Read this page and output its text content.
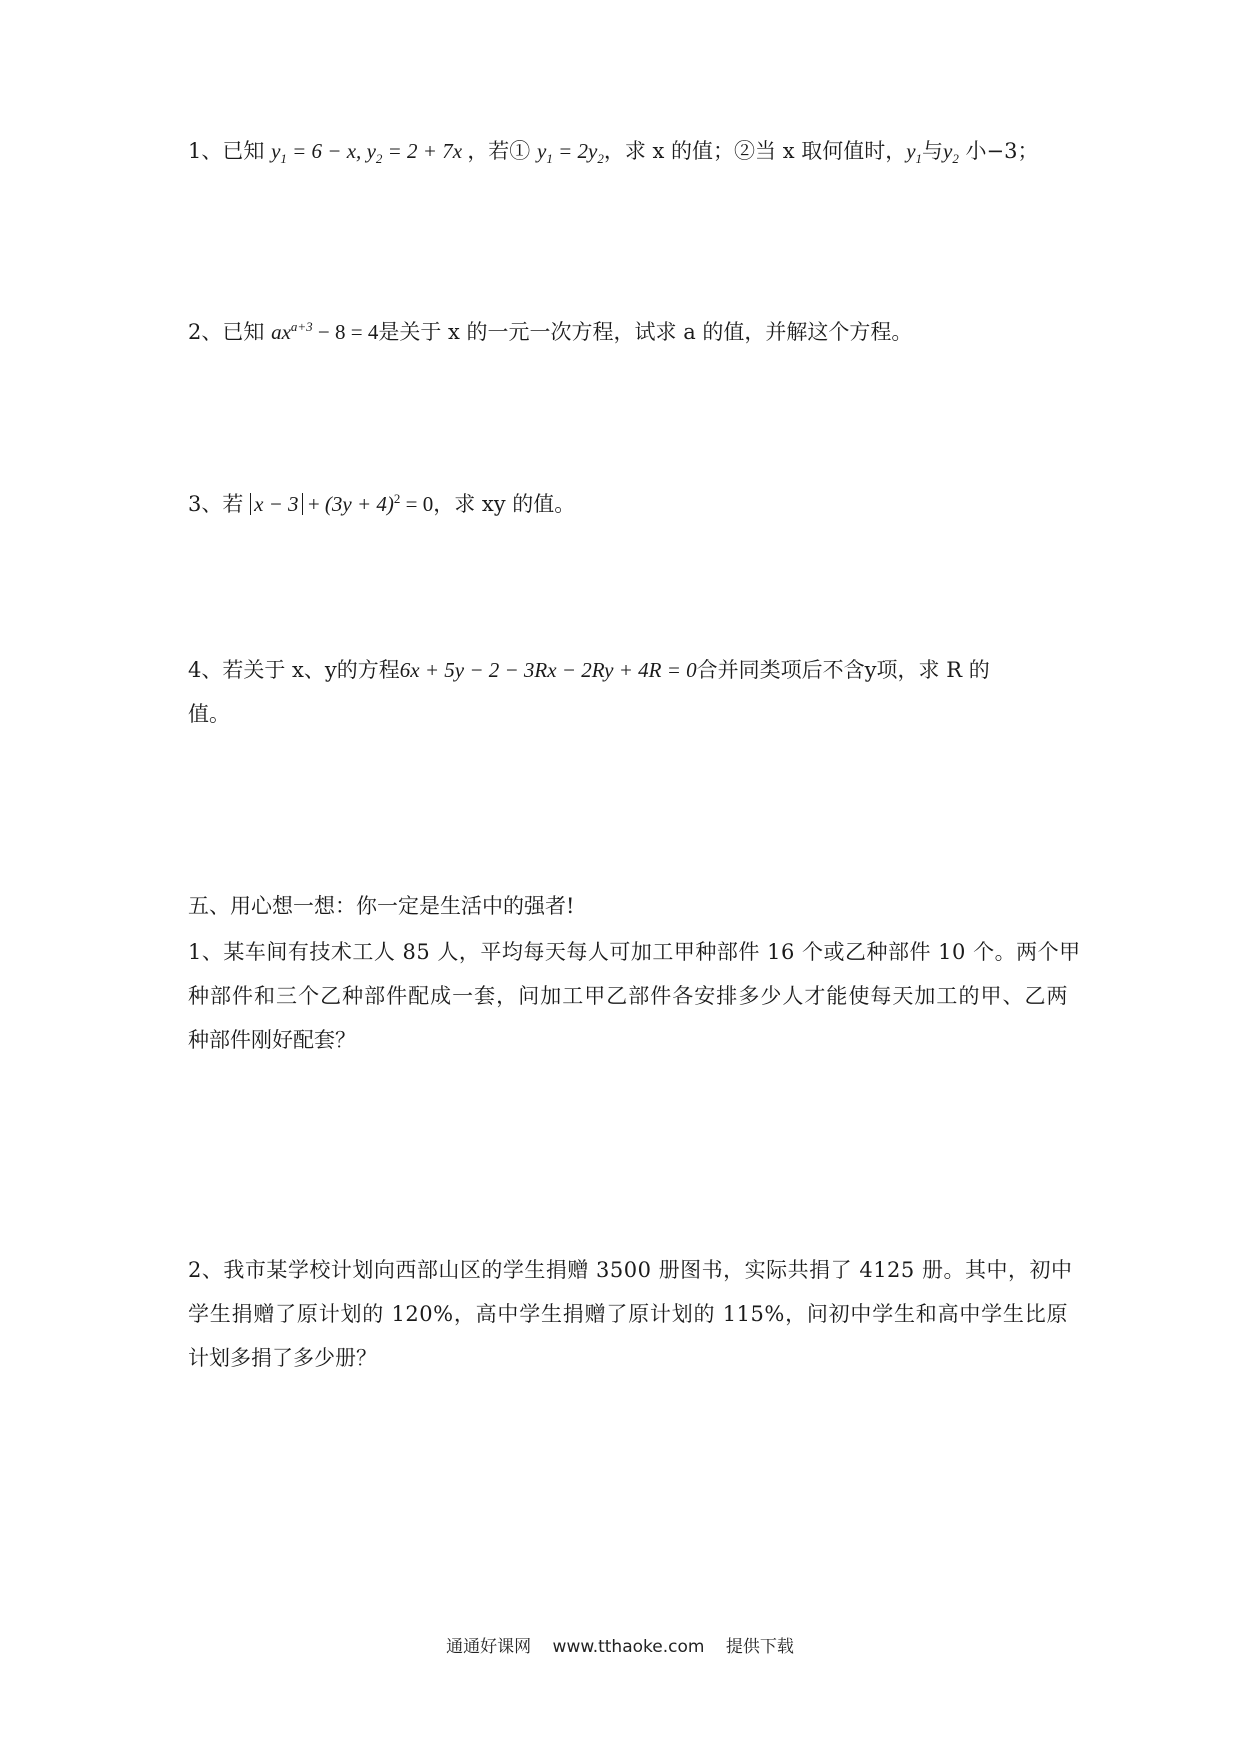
1、已知 $y_1 = 6 - x$, $y_2 = 2 + 7x$ ，若① $y_1 = 2y_2$，求 x 的值；②当 x 取何值时，$y_1$与$y_2$ 小−3；
2、已知 $ax^{a+3} - 8 = 4$是关于 x 的一元一次方程，试求 a 的值，并解这个方程。
3、若 $x - 3 + (3y + 4)^2 = 0$，求 xy 的值。
4、若关于 x、y的方程6x + 5y − 2 − 3Rx − 2Ry + 4R = 0合并同类项后不含y项，求 R 的
值。
五、用心想一想：你一定是生活中的强者!
1、某车间有技术工人 85 人，平均每天每人可加工甲种部件 16 个或乙种部件 10 个。两个甲
种部件和三个乙种部件配成一套，问加工甲乙部件各安排多少人才能使每天加工的甲、乙两
种部件刚好配套？
2、我市某学校计划向西部山区的学生捐赠 3500 册图书，实际共捐了 4125 册。其中，初中
学生捐赠了原计划的 120%，高中学生捐赠了原计划的 115%，问初中学生和高中学生比原
计划多捐了多少册？
通通好课网 www.tthaoke.com 提供下载
